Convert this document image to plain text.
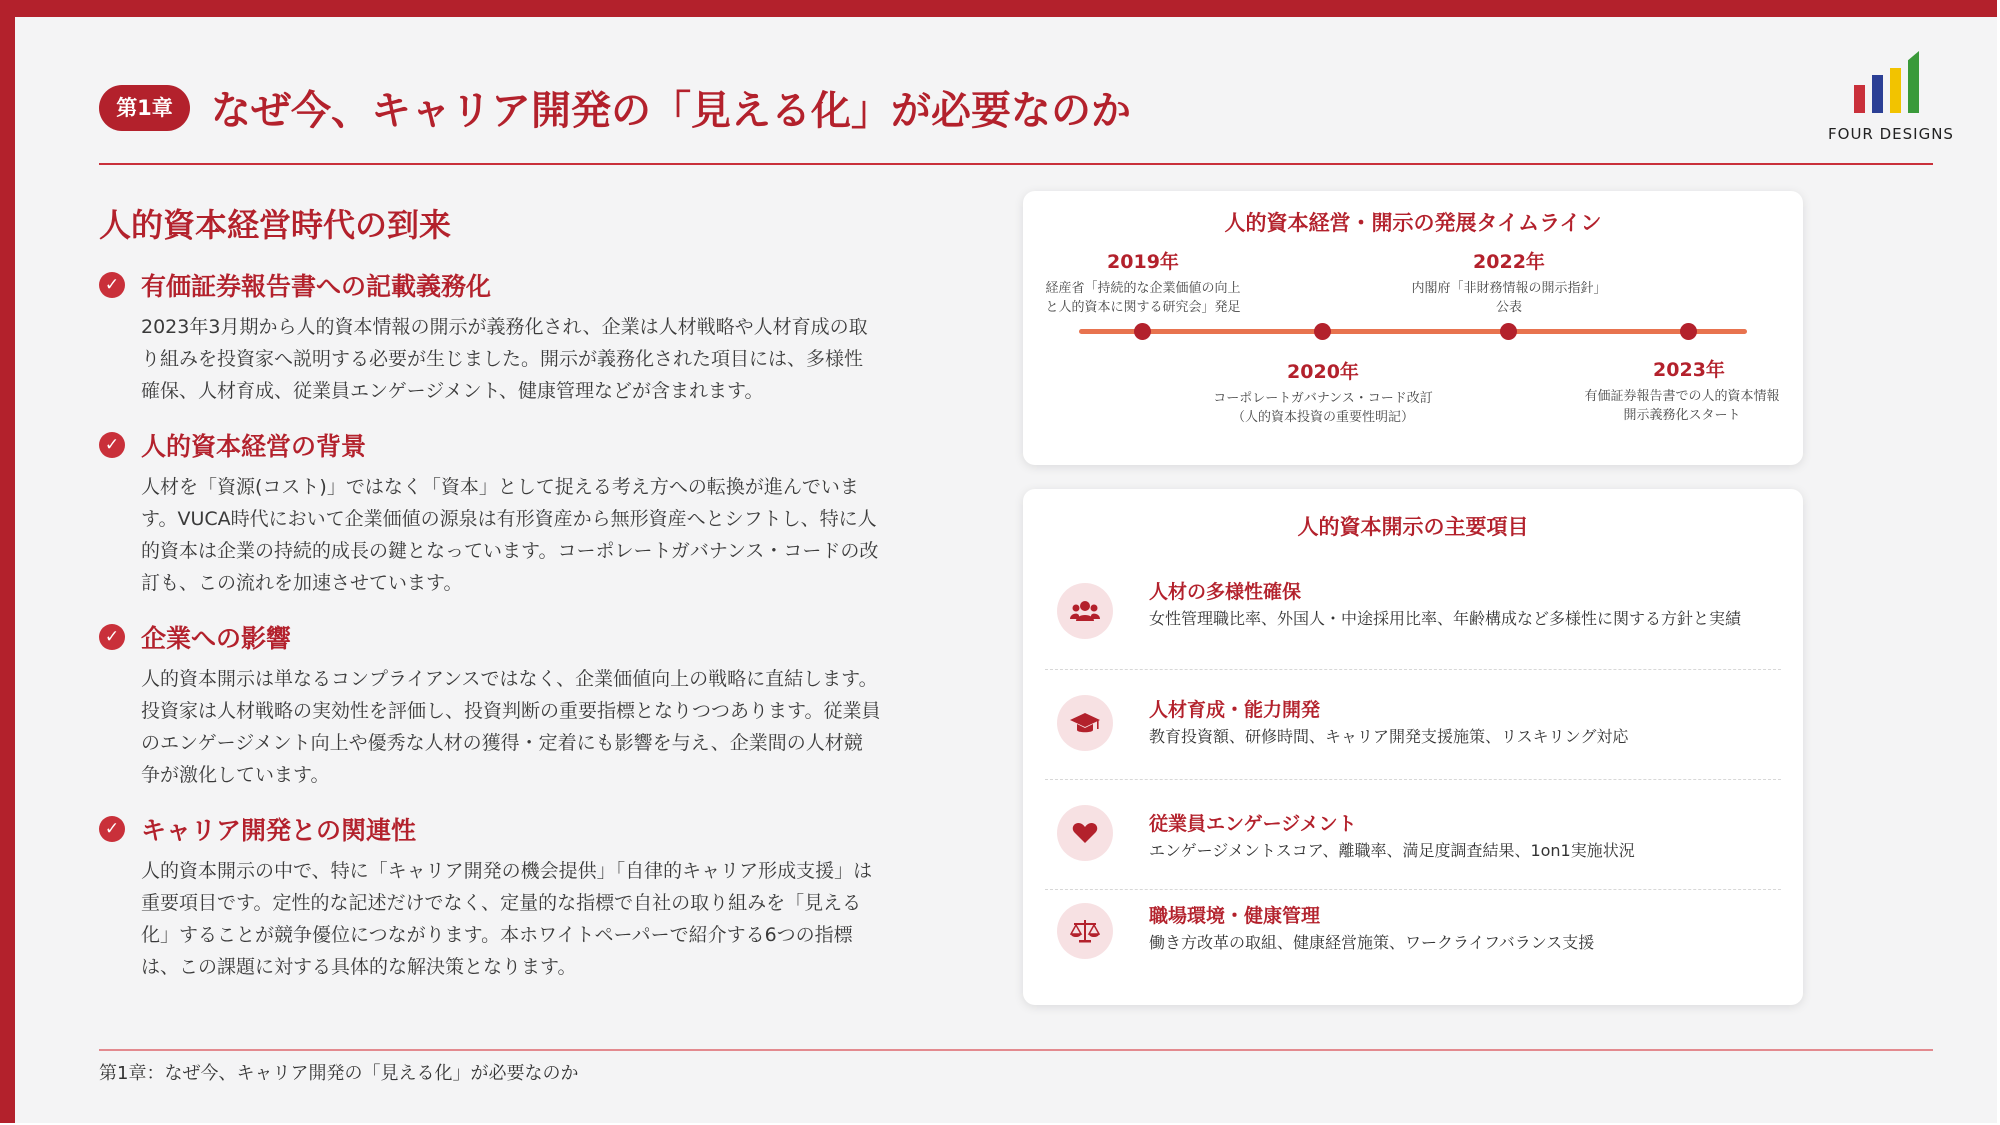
第1章 なぜ今、キャリア開発の「見える化」が必要なのか	FOUR DESIGNS
人的資本経営時代の到来
✓ 有価証券報告書への記載義務化
2023年3月期から人的資本情報の開示が義務化され、企業は人材戦略や人材育成の取り組みを投資家へ説明する必要が生じました。開示が義務化された項目には、多様性確保、人材育成、従業員エンゲージメント、健康管理などが含まれます。
✓ 人的資本経営の背景
人材を「資源(コスト)」ではなく「資本」として捉える考え方への転換が進んでいます。VUCA時代において企業価値の源泉は有形資産から無形資産へとシフトし、特に人的資本は企業の持続的成長の鍵となっています。コーポレートガバナンス・コードの改訂も、この流れを加速させています。
✓ 企業への影響
人的資本開示は単なるコンプライアンスではなく、企業価値向上の戦略に直結します。投資家は人材戦略の実効性を評価し、投資判断の重要指標となりつつあります。従業員のエンゲージメント向上や優秀な人材の獲得・定着にも影響を与え、企業間の人材競争が激化しています。
✓ キャリア開発との関連性
人的資本開示の中で、特に「キャリア開発の機会提供」「自律的キャリア形成支援」は重要項目です。定性的な記述だけでなく、定量的な指標で自社の取り組みを「見える化」することが競争優位につながります。本ホワイトペーパーで紹介する6つの指標は、この課題に対する具体的な解決策となります。
人的資本経営・開示の発展タイムライン
2019年
経産省「持続的な企業価値の向上
と人的資本に関する研究会」発足
2020年
コーポレートガバナンス・コード改訂
（人的資本投資の重要性明記）
2022年
内閣府「非財務情報の開示指針」
公表
2023年
有価証券報告書での人的資本情報
開示義務化スタート
人的資本開示の主要項目
人材の多様性確保
女性管理職比率、外国人・中途採用比率、年齢構成など多様性に関する方針と実績
人材育成・能力開発
教育投資額、研修時間、キャリア開発支援施策、リスキリング対応
従業員エンゲージメント
エンゲージメントスコア、離職率、満足度調査結果、1on1実施状況
職場環境・健康管理
働き方改革の取組、健康経営施策、ワークライフバランス支援
第1章：なぜ今、キャリア開発の「見える化」が必要なのか
